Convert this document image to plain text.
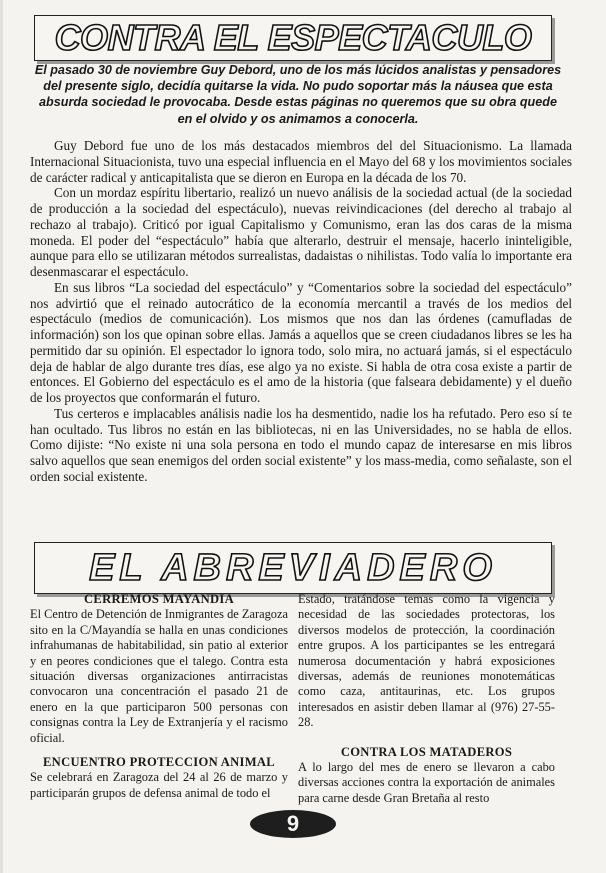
CONTRA EL ESPECTACULO
El pasado 30 de noviembre Guy Debord, uno de los más lúcidos analistas y pensadores del presente siglo, decidía quitarse la vida. No pudo soportar más la náusea que esta absurda sociedad le provocaba. Desde estas páginas no queremos que su obra quede en el olvido y os animamos a conocerla.

Guy Debord fue uno de los más destacados miembros del del Situacionismo. La llamada Internacional Situacionista, tuvo una especial influencia en el Mayo del 68 y los movimientos sociales de carácter radical y anticapitalista que se dieron en Europa en la década de los 70.

Con un mordaz espíritu libertario, realizó un nuevo análisis de la sociedad actual (de la sociedad de producción a la sociedad del espectáculo), nuevas reivindicaciones (del derecho al trabajo al rechazo al trabajo). Criticó por igual Capitalismo y Comunismo, eran las dos caras de la misma moneda. El poder del “espectáculo” había que alterarlo, destruir el mensaje, hacerlo ininteligible, aunque para ello se utilizaran métodos surrealistas, dadaistas o nihilistas. Todo valía lo importante era desenmascarar el espectáculo.

En sus libros “La sociedad del espectáculo” y “Comentarios sobre la sociedad del espectáculo” nos advirtió que el reinado autocrático de la economía mercantil a través de los medios del espectáculo (medios de comunicación). Los mismos que nos dan las órdenes (camufladas de información) son los que opinan sobre ellas. Jamás a aquellos que se creen ciudadanos libres se les ha permitido dar su opinión. El espectador lo ignora todo, solo mira, no actuará jamás, si el espectáculo deja de hablar de algo durante tres días, ese algo ya no existe. Si habla de otra cosa existe a partir de entonces. El Gobierno del espectáculo es el amo de la historia (que falseara debidamente) y el dueño de los proyectos que conformarán el futuro.

Tus certeros e implacables análisis nadie los ha desmentido, nadie los ha refutado. Pero eso sí te han ocultado. Tus libros no están en las bibliotecas, ni en las Universidades, no se habla de ellos. Como dijiste: “No existe ni una sola persona en todo el mundo capaz de interesarse en mis libros salvo aquellos que sean enemigos del orden social existente” y los mass-media, como señalaste, son el orden social existente.

EL ABREVIADERO
CERREMOS MAYANDIA

El Centro de Detención de Inmigrantes de Zaragoza sito en la C/Mayandía se halla en unas condiciones infrahumanas de habitabilidad, sin patio al exterior y en peores condiciones que el talego. Contra esta situación diversas organizaciones antirracistas convocaron una concentración el pasado 21 de enero en la que participaron 500 personas con consignas contra la Ley de Extranjería y el racismo oficial.

ENCUENTRO PROTECCION ANIMAL

Se celebrará en Zaragoza del 24 al 26 de marzo y participarán grupos de defensa animal de todo el

Estado, tratándose temas como la vigencia y necesidad de las sociedades protectoras, los diversos modelos de protección, la coordinación entre grupos. A los participantes se les entregará numerosa documentación y habrá exposiciones diversas, además de reuniones monotemáticas como caza, antitaurinas, etc. Los grupos interesados en asistir deben llamar al (976) 27-55-28.

CONTRA LOS MATADEROS

A lo largo del mes de enero se llevaron a cabo diversas acciones contra la exportación de animales para carne desde Gran Bretaña al resto

9
